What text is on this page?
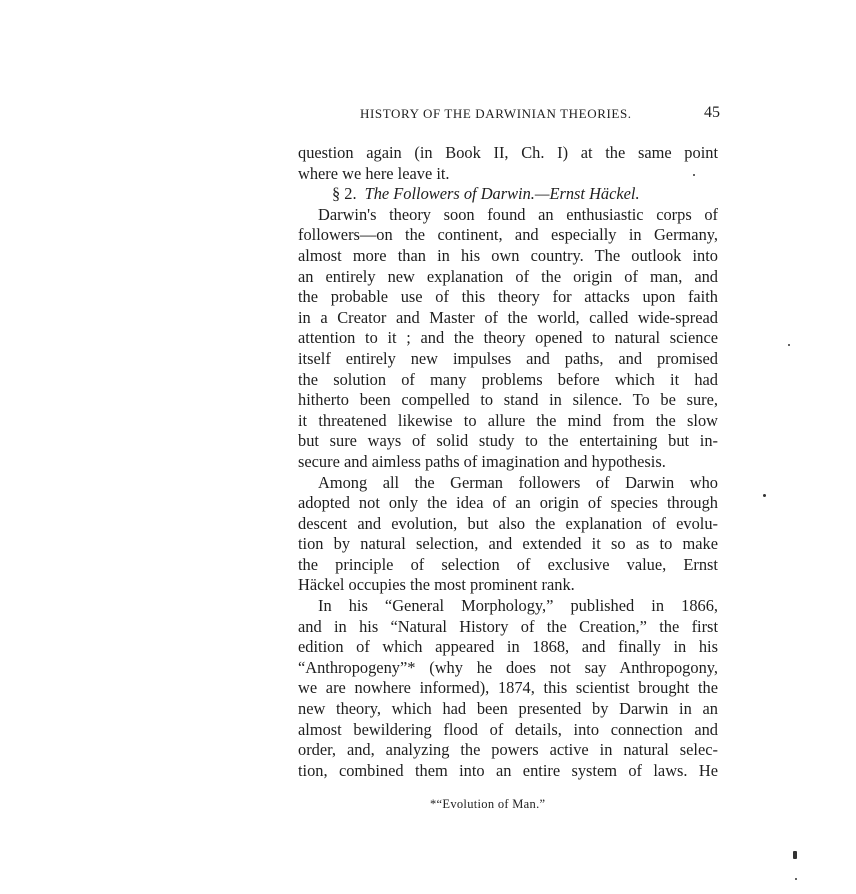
HISTORY OF THE DARWINIAN THEORIES.	45
question again (in Book II, Ch. I) at the same point
where we here leave it.
§ 2. The Followers of Darwin.—Ernst Häckel.
Darwin's theory soon found an enthusiastic corps of
followers—on the continent, and especially in Germany,
almost more than in his own country. The outlook into
an entirely new explanation of the origin of man, and
the probable use of this theory for attacks upon faith
in a Creator and Master of the world, called wide-spread
attention to it ; and the theory opened to natural science
itself entirely new impulses and paths, and promised
the solution of many problems before which it had
hitherto been compelled to stand in silence. To be sure,
it threatened likewise to allure the mind from the slow
but sure ways of solid study to the entertaining but in-
secure and aimless paths of imagination and hypothesis.
Among all the German followers of Darwin who
adopted not only the idea of an origin of species through
descent and evolution, but also the explanation of evolu-
tion by natural selection, and extended it so as to make
the principle of selection of exclusive value, Ernst
Häckel occupies the most prominent rank.
In his “General Morphology,” published in 1866,
and in his “Natural History of the Creation,” the first
edition of which appeared in 1868, and finally in his
“Anthropogeny”* (why he does not say Anthropogony,
we are nowhere informed), 1874, this scientist brought the
new theory, which had been presented by Darwin in an
almost bewildering flood of details, into connection and
order, and, analyzing the powers active in natural selec-
tion, combined them into an entire system of laws. He
*“Evolution of Man.”
